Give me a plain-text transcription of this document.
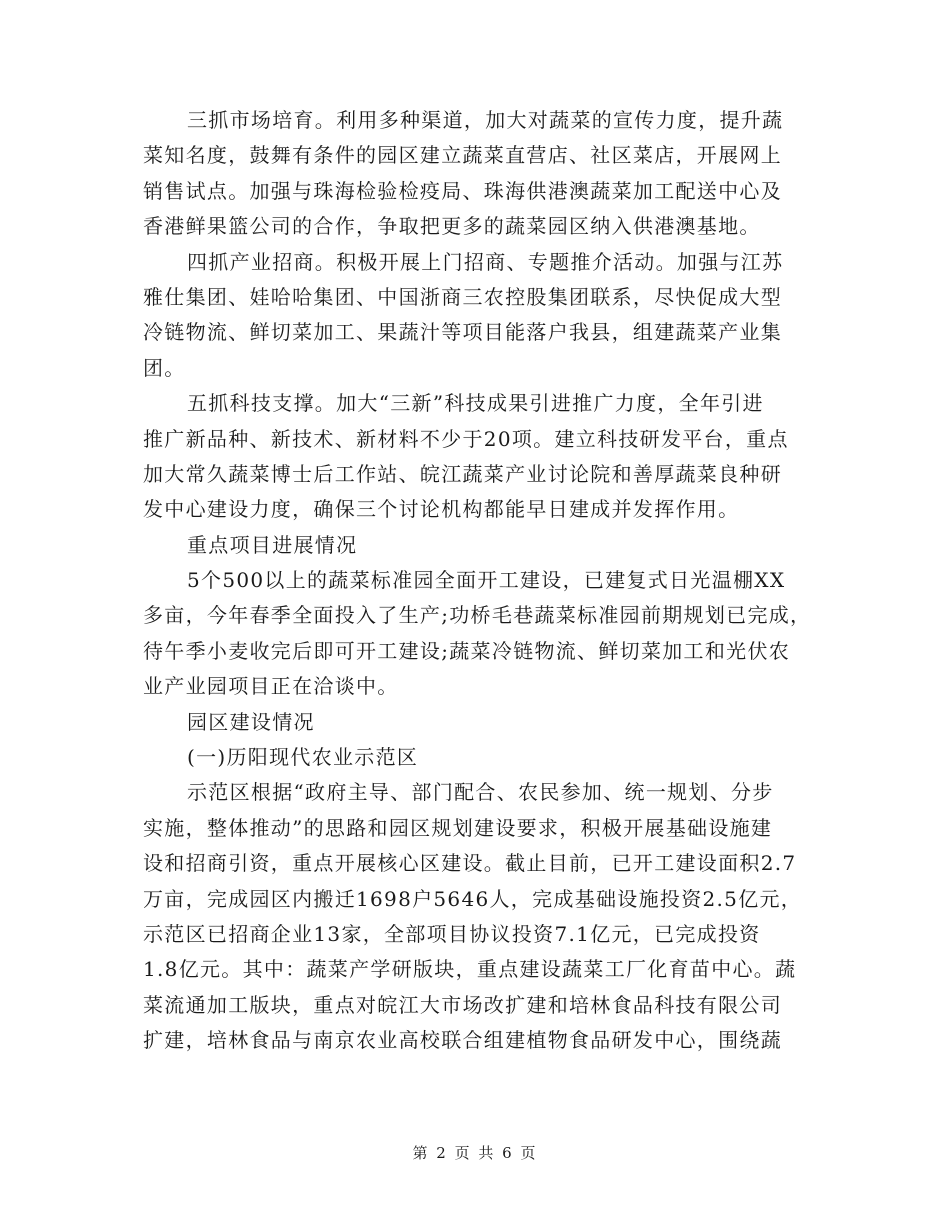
三抓市场培育。利用多种渠道，加大对蔬菜的宣传力度，提升蔬
菜知名度，鼓舞有条件的园区建立蔬菜直营店、社区菜店，开展网上
销售试点。加强与珠海检验检疫局、珠海供港澳蔬菜加工配送中心及
香港鲜果篮公司的合作，争取把更多的蔬菜园区纳入供港澳基地。
四抓产业招商。积极开展上门招商、专题推介活动。加强与江苏
雅仕集团、娃哈哈集团、中国浙商三农控股集团联系，尽快促成大型
冷链物流、鲜切菜加工、果蔬汁等项目能落户我县，组建蔬菜产业集
团。
五抓科技支撑。加大“三新”科技成果引进推广力度，全年引进
推广新品种、新技术、新材料不少于20项。建立科技研发平台，重点
加大常久蔬菜博士后工作站、皖江蔬菜产业讨论院和善厚蔬菜良种研
发中心建设力度，确保三个讨论机构都能早日建成并发挥作用。
重点项目进展情况
5个500以上的蔬菜标准园全面开工建设，已建复式日光温棚XX
多亩，今年春季全面投入了生产;功桥毛巷蔬菜标准园前期规划已完成，
待午季小麦收完后即可开工建设;蔬菜冷链物流、鲜切菜加工和光伏农
业产业园项目正在洽谈中。
园区建设情况
(一)历阳现代农业示范区
示范区根据“政府主导、部门配合、农民参加、统一规划、分步
实施，整体推动”的思路和园区规划建设要求，积极开展基础设施建
设和招商引资，重点开展核心区建设。截止目前，已开工建设面积2.7
万亩，完成园区内搬迁1698户5646人，完成基础设施投资2.5亿元，
示范区已招商企业13家，全部项目协议投资7.1亿元，已完成投资
1.8亿元。其中：蔬菜产学研版块，重点建设蔬菜工厂化育苗中心。蔬
菜流通加工版块，重点对皖江大市场改扩建和培林食品科技有限公司
扩建，培林食品与南京农业高校联合组建植物食品研发中心，围绕蔬
第 2 页 共 6 页
